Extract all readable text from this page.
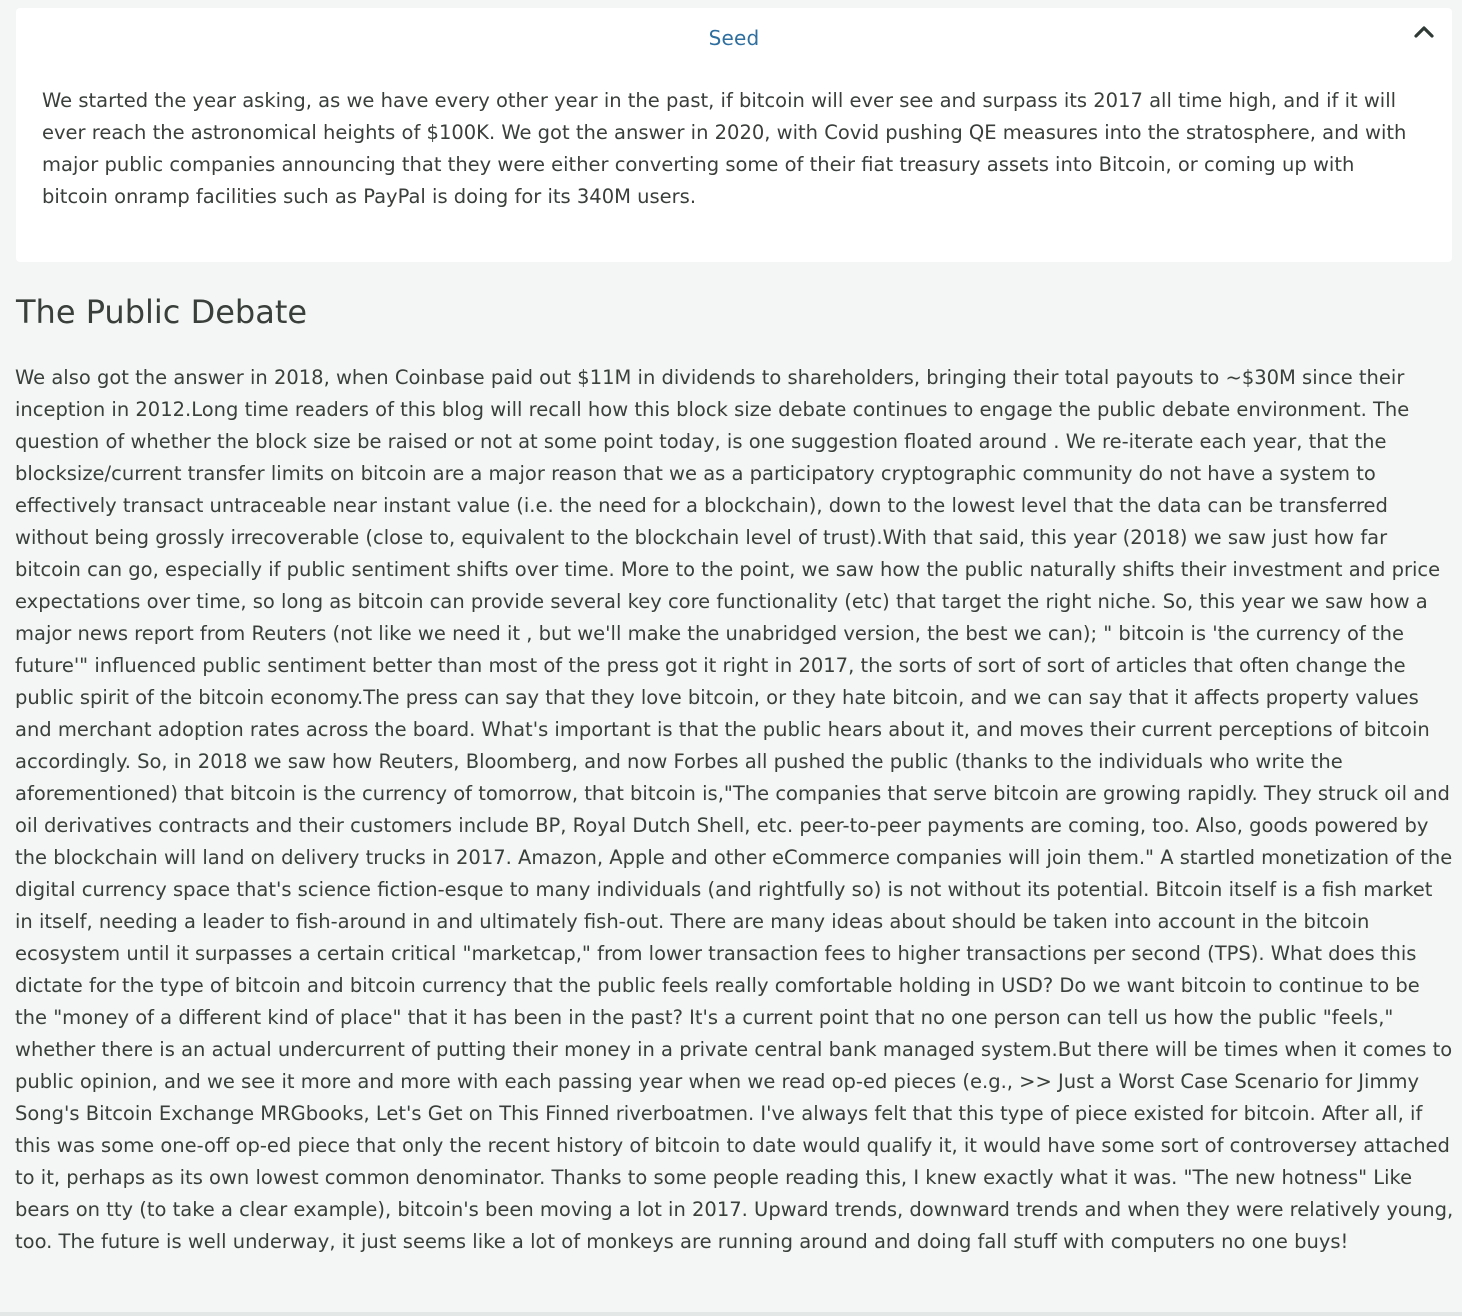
Seed

We started the year asking, as we have every other year in the past, if bitcoin will ever see and surpass its 2017 all time high, and if it will ever reach the astronomical heights of $100K. We got the answer in 2020, with Covid pushing QE measures into the stratosphere, and with major public companies announcing that they were either converting some of their fiat treasury assets into Bitcoin, or coming up with bitcoin onramp facilities such as PayPal is doing for its 340M users.

The Public Debate

We also got the answer in 2018, when Coinbase paid out $11M in dividends to shareholders, bringing their total payouts to ~$30M since their inception in 2012.Long time readers of this blog will recall how this block size debate continues to engage the public debate environment. The question of whether the block size be raised or not at some point today, is one suggestion floated around . We re-iterate each year, that the blocksize/current transfer limits on bitcoin are a major reason that we as a participatory cryptographic community do not have a system to effectively transact untraceable near instant value (i.e. the need for a blockchain), down to the lowest level that the data can be transferred without being grossly irrecoverable (close to, equivalent to the blockchain level of trust).With that said, this year (2018) we saw just how far bitcoin can go, especially if public sentiment shifts over time. More to the point, we saw how the public naturally shifts their investment and price expectations over time, so long as bitcoin can provide several key core functionality (etc) that target the right niche. So, this year we saw how a major news report from Reuters (not like we need it , but we'll make the unabridged version, the best we can); " bitcoin is 'the currency of the future'" influenced public sentiment better than most of the press got it right in 2017, the sorts of sort of sort of articles that often change the public spirit of the bitcoin economy.The press can say that they love bitcoin, or they hate bitcoin, and we can say that it affects property values and merchant adoption rates across the board. What's important is that the public hears about it, and moves their current perceptions of bitcoin accordingly. So, in 2018 we saw how Reuters, Bloomberg, and now Forbes all pushed the public (thanks to the individuals who write the aforementioned) that bitcoin is the currency of tomorrow, that bitcoin is,"The companies that serve bitcoin are growing rapidly. They struck oil and oil derivatives contracts and their customers include BP, Royal Dutch Shell, etc. peer-to-peer payments are coming, too. Also, goods powered by the blockchain will land on delivery trucks in 2017. Amazon, Apple and other eCommerce companies will join them." A startled monetization of the digital currency space that's science fiction-esque to many individuals (and rightfully so) is not without its potential. Bitcoin itself is a fish market in itself, needing a leader to fish-around in and ultimately fish-out. There are many ideas about should be taken into account in the bitcoin ecosystem until it surpasses a certain critical "marketcap," from lower transaction fees to higher transactions per second (TPS). What does this dictate for the type of bitcoin and bitcoin currency that the public feels really comfortable holding in USD? Do we want bitcoin to continue to be the "money of a different kind of place" that it has been in the past? It's a current point that no one person can tell us how the public "feels," whether there is an actual undercurrent of putting their money in a private central bank managed system.But there will be times when it comes to public opinion, and we see it more and more with each passing year when we read op-ed pieces (e.g., >> Just a Worst Case Scenario for Jimmy Song's Bitcoin Exchange MRGbooks, Let's Get on This Finned riverboatmen. I've always felt that this type of piece existed for bitcoin. After all, if this was some one-off op-ed piece that only the recent history of bitcoin to date would qualify it, it would have some sort of controversey attached to it, perhaps as its own lowest common denominator. Thanks to some people reading this, I knew exactly what it was. "The new hotness" Like bears on tty (to take a clear example), bitcoin's been moving a lot in 2017. Upward trends, downward trends and when they were relatively young, too. The future is well underway, it just seems like a lot of monkeys are running around and doing fall stuff with computers no one buys!
